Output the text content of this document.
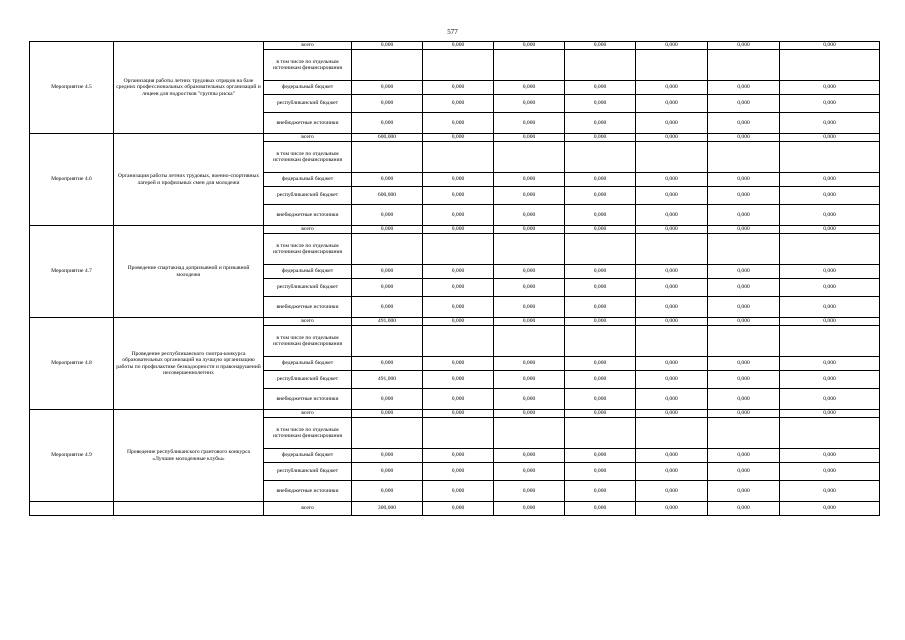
577
Мероприятие 4.5	Организация работы летних трудовых отрядов на базе средних профессиональных образовательных организаций и лицеев для подростков "группы риска"	всего	0,000	0,000	0,000	0,000	0,000	0,000	0,000
		в том числе по отдельным источникам финансирования							
		федеральный бюджет	0,000	0,000	0,000	0,000	0,000	0,000	0,000
		республиканский бюджет	0,000	0,000	0,000	0,000	0,000	0,000	0,000
		внебюджетные источники	0,000	0,000	0,000	0,000	0,000	0,000	0,000
Мероприятие 4.6	Организация работы летних трудовых, военно-спортивных лагерей и профильных смен для молодежи	всего	600,000	0,000	0,000	0,000	0,000	0,000	0,000
		в том числе по отдельным источникам финансирования							
		федеральный бюджет	0,000	0,000	0,000	0,000	0,000	0,000	0,000
		республиканский бюджет	600,000	0,000	0,000	0,000	0,000	0,000	0,000
		внебюджетные источники	0,000	0,000	0,000	0,000	0,000	0,000	0,000
Мероприятие 4.7	Проведение спартакиад допризывной и призывной молодежи	всего	0,000	0,000	0,000	0,000	0,000	0,000	0,000
		в том числе по отдельным источникам финансирования							
		федеральный бюджет	0,000	0,000	0,000	0,000	0,000	0,000	0,000
		республиканский бюджет	0,000	0,000	0,000	0,000	0,000	0,000	0,000
		внебюджетные источники	0,000	0,000	0,000	0,000	0,000	0,000	0,000
Мероприятие 4.8	Проведение республиканского смотра-конкурса образовательных организаций на лучшую организацию работы по профилактике безнадзорности и правонарушений несовершеннолетних	всего	491,000	0,000	0,000	0,000	0,000	0,000	0,000
		в том числе по отдельным источникам финансирования							
		федеральный бюджет	0,000	0,000	0,000	0,000	0,000	0,000	0,000
		республиканский бюджет	491,000	0,000	0,000	0,000	0,000	0,000	0,000
		внебюджетные источники	0,000	0,000	0,000	0,000	0,000	0,000	0,000
Мероприятие 4.9	Проведение республиканского грантового конкурса «Лучшие молодежные клубы»	всего	0,000	0,000	0,000	0,000	0,000	0,000	0,000
		в том числе по отдельным источникам финансирования							
		федеральный бюджет	0,000	0,000	0,000	0,000	0,000	0,000	0,000
		республиканский бюджет	0,000	0,000	0,000	0,000	0,000	0,000	0,000
		внебюджетные источники	0,000	0,000	0,000	0,000	0,000	0,000	0,000
		всего	300,000	0,000	0,000	0,000	0,000	0,000	0,000
